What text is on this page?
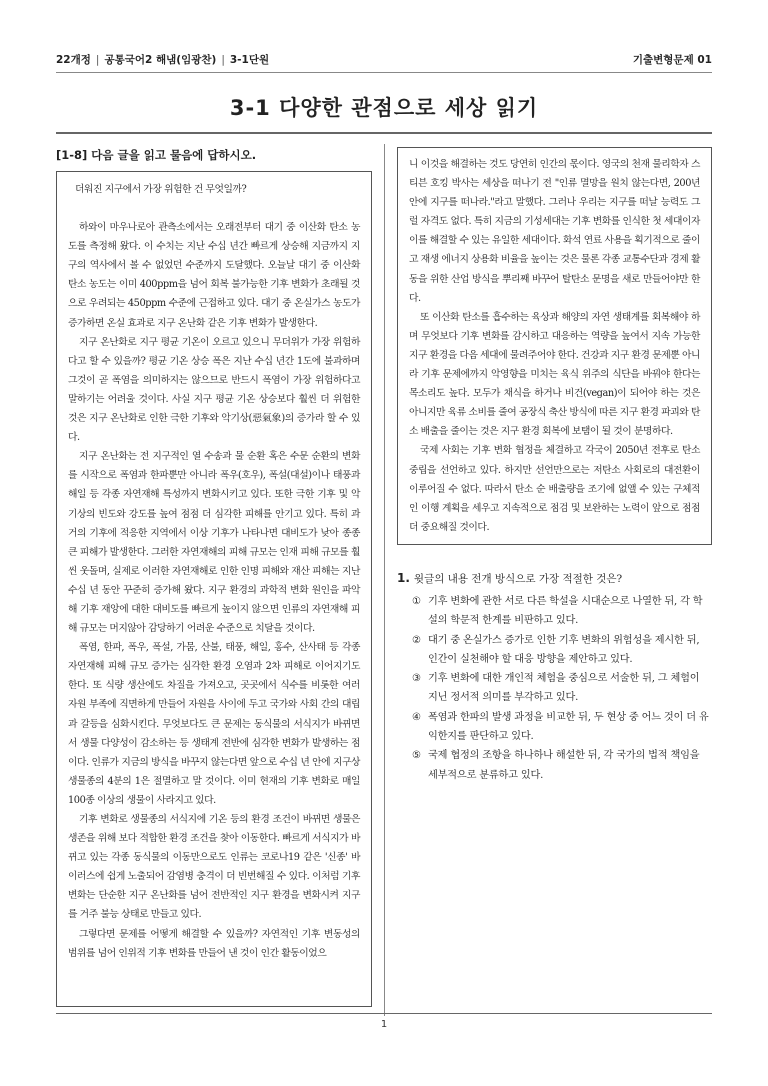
22개정 | 공통국어2 해냄(임광찬) | 3-1단원	기출변형문제 01
3-1 다양한 관점으로 세상 읽기
[1-8] 다음 글을 읽고 물음에 답하시오.

더워진 지구에서 가장 위험한 건 무엇일까?

하와이 마우나로아 관측소에서는 오래전부터 대기 중 이산화 탄소 농도를 측정해 왔다. 이 수치는 지난 수십 년간 빠르게 상승해 지금까지 지구의 역사에서 볼 수 없었던 수준까지 도달했다. 오늘날 대기 중 이산화 탄소 농도는 이미 400ppm을 넘어 회복 불가능한 기후 변화가 초래될 것으로 우려되는 450ppm 수준에 근접하고 있다. 대기 중 온실가스 농도가 증가하면 온실 효과로 지구 온난화 같은 기후 변화가 발생한다.

지구 온난화로 지구 평균 기온이 오르고 있으니 무더위가 가장 위험하다고 할 수 있을까? 평균 기온 상승 폭은 지난 수십 년간 1도에 불과하며 그것이 곧 폭염을 의미하지는 않으므로 반드시 폭염이 가장 위험하다고 말하기는 어려울 것이다. 사실 지구 평균 기온 상승보다 훨씬 더 위험한 것은 지구 온난화로 인한 극한 기후와 악기상(惡氣象)의 증가라 할 수 있다.

지구 온난화는 전 지구적인 열 수송과 물 순환 혹은 수문 순환의 변화를 시작으로 폭염과 한파뿐만 아니라 폭우(호우), 폭설(대설)이나 태풍과 해일 등 각종 자연재해 특성까지 변화시키고 있다. 또한 극한 기후 및 악기상의 빈도와 강도를 높여 점점 더 심각한 피해를 안기고 있다. 특히 과거의 기후에 적응한 지역에서 이상 기후가 나타나면 대비도가 낮아 종종 큰 피해가 발생한다. 그러한 자연재해의 피해 규모는 인재 피해 규모를 훨씬 웃돌며, 실제로 이러한 자연재해로 인한 인명 피해와 재산 피해는 지난 수십 년 동안 꾸준히 증가해 왔다. 지구 환경의 과학적 변화 원인을 파악해 기후 재앙에 대한 대비도를 빠르게 높이지 않으면 인류의 자연재해 피해 규모는 머지않아 감당하기 어려운 수준으로 치달을 것이다.

폭염, 한파, 폭우, 폭설, 가뭄, 산불, 태풍, 해일, 홍수, 산사태 등 각종 자연재해 피해 규모 증가는 심각한 환경 오염과 2차 피해로 이어지기도 한다. 또 식량 생산에도 차질을 가져오고, 곳곳에서 식수를 비롯한 여러 자원 부족에 직면하게 만들어 자원을 사이에 두고 국가와 사회 간의 대립과 갈등을 심화시킨다. 무엇보다도 큰 문제는 동식물의 서식지가 바뀌면서 생물 다양성이 감소하는 등 생태계 전반에 심각한 변화가 발생하는 점이다. 인류가 지금의 방식을 바꾸지 않는다면 앞으로 수십 년 안에 지구상 생물종의 4분의 1은 절멸하고 말 것이다. 이미 현재의 기후 변화로 매일 100종 이상의 생물이 사라지고 있다.

기후 변화로 생물종의 서식지에 기온 등의 환경 조건이 바뀌면 생물은 생존을 위해 보다 적합한 환경 조건을 찾아 이동한다. 빠르게 서식지가 바뀌고 있는 각종 동식물의 이동만으로도 인류는 코로나19 같은 '신종' 바이러스에 쉽게 노출되어 감염병 충격이 더 빈번해질 수 있다. 이처럼 기후 변화는 단순한 지구 온난화를 넘어 전반적인 지구 환경을 변화시켜 지구를 거주 불능 상태로 만들고 있다.

그렇다면 문제를 어떻게 해결할 수 있을까? 자연적인 기후 변동성의 범위를 넘어 인위적 기후 변화를 만들어 낸 것이 인간 활동이었으

니 이것을 해결하는 것도 당연히 인간의 몫이다. 영국의 천재 물리학자 스티븐 호킹 박사는 세상을 떠나기 전 "인류 멸망을 원치 않는다면, 200년 안에 지구를 떠나라."라고 말했다. 그러나 우리는 지구를 떠날 능력도 그럴 자격도 없다. 특히 지금의 기성세대는 기후 변화를 인식한 첫 세대이자 이를 해결할 수 있는 유일한 세대이다. 화석 연료 사용을 획기적으로 줄이고 재생 에너지 상용화 비율을 높이는 것은 물론 각종 교통수단과 경제 활동을 위한 산업 방식을 뿌리째 바꾸어 탈탄소 문명을 새로 만들어야만 한다.

또 이산화 탄소를 흡수하는 육상과 해양의 자연 생태계를 회복해야 하며 무엇보다 기후 변화를 감시하고 대응하는 역량을 높여서 지속 가능한 지구 환경을 다음 세대에 물려주어야 한다. 건강과 지구 환경 문제뿐 아니라 기후 문제에까지 악영향을 미치는 육식 위주의 식단을 바꿔야 한다는 목소리도 높다. 모두가 채식을 하거나 비건(vegan)이 되어야 하는 것은 아니지만 육류 소비를 줄여 공장식 축산 방식에 따른 지구 환경 파괴와 탄소 배출을 줄이는 것은 지구 환경 회복에 보탬이 될 것이 분명하다.

국제 사회는 기후 변화 협정을 체결하고 각국이 2050년 전후로 탄소 중립을 선언하고 있다. 하지만 선언만으로는 저탄소 사회로의 대전환이 이루어질 수 없다. 따라서 탄소 순 배출량을 조기에 없앨 수 있는 구체적인 이행 계획을 세우고 지속적으로 점검 및 보완하는 노력이 앞으로 점점 더 중요해질 것이다.

1. 윗글의 내용 전개 방식으로 가장 적절한 것은?

① 기후 변화에 관한 서로 다른 학설을 시대순으로 나열한 뒤, 각 학설의 학문적 한계를 비판하고 있다.
② 대기 중 온실가스 증가로 인한 기후 변화의 위험성을 제시한 뒤, 인간이 실천해야 할 대응 방향을 제안하고 있다.
③ 기후 변화에 대한 개인적 체험을 중심으로 서술한 뒤, 그 체험이 지닌 정서적 의미를 부각하고 있다.
④ 폭염과 한파의 발생 과정을 비교한 뒤, 두 현상 중 어느 것이 더 유익한지를 판단하고 있다.
⑤ 국제 협정의 조항을 하나하나 해설한 뒤, 각 국가의 법적 책임을 세부적으로 분류하고 있다.
1
